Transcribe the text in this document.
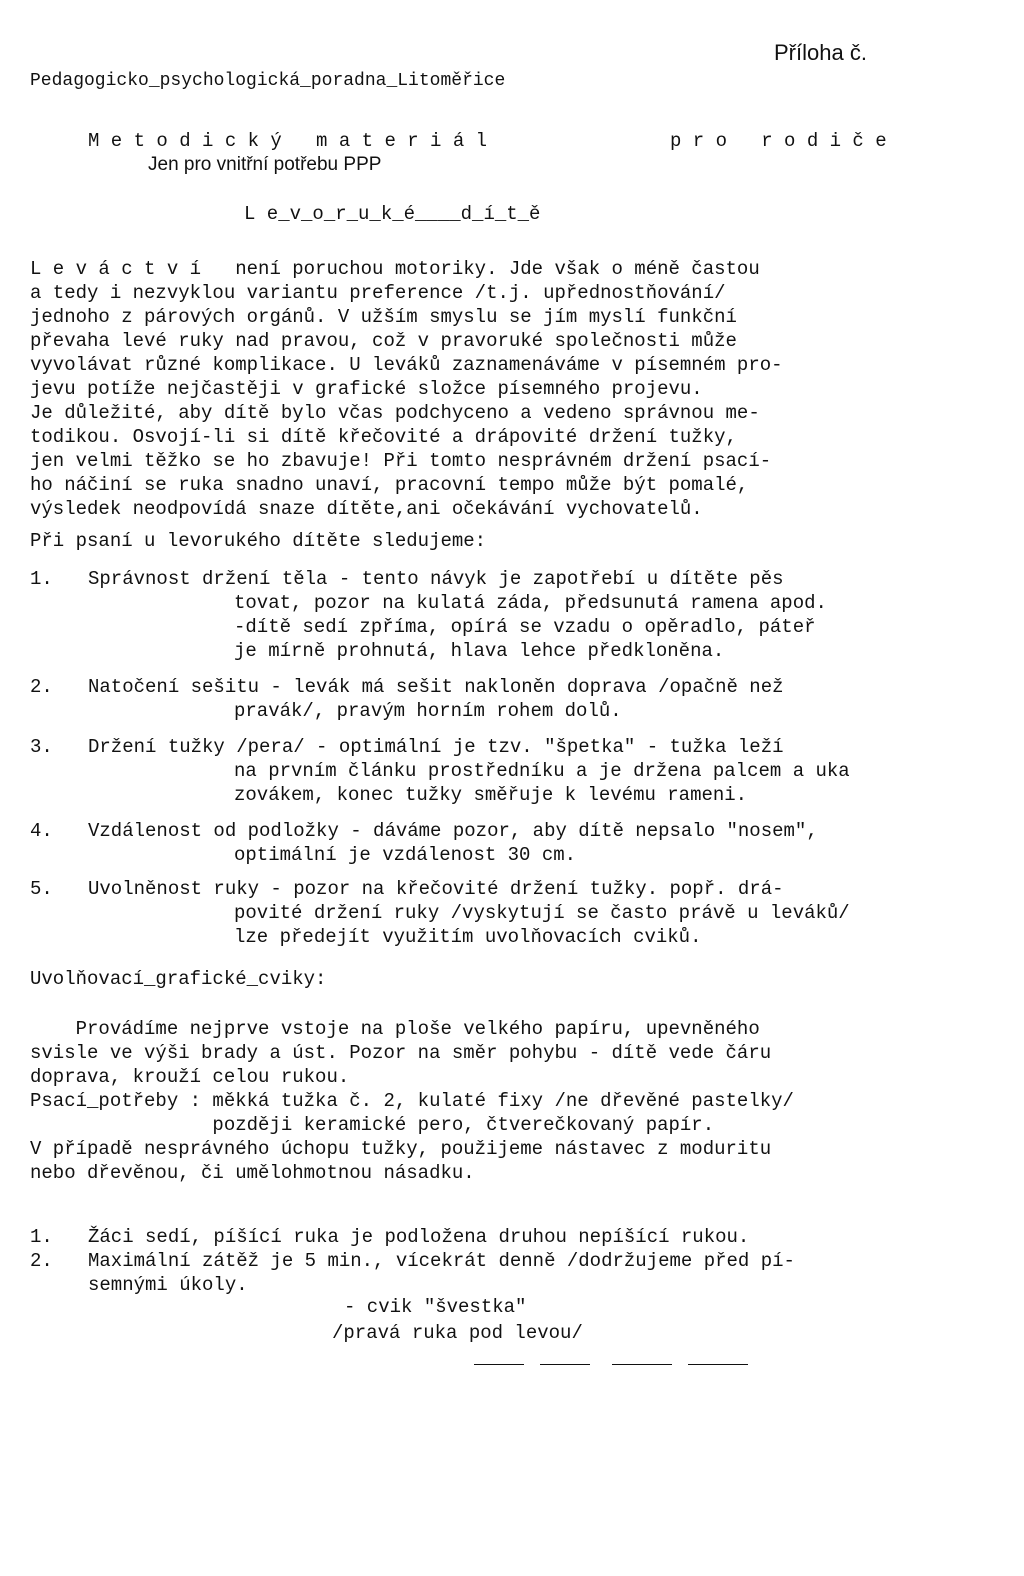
Příloha č.
Pedagogicko_psychologická_poradna_Litoměřice
M e t o d i c k ý   m a t e r i á l	p r o   r o d i č e
Jen pro vnitřní potřebu PPP
L e_v_o_r_u_k_é____d_í_t_ě
L e v á c t v í   není poruchou motoriky. Jde však o méně častou
a tedy i nezvyklou variantu preference /t.j. upřednostňování/
jednoho z párových orgánů. V užším smyslu se jím myslí funkční
převaha levé ruky nad pravou, což v pravoruké společnosti může
vyvolávat různé komplikace. U leváků zaznamenáváme v písemném pro-
jevu potíže nejčastěji v grafické složce písemného projevu.
Je důležité, aby dítě bylo včas podchyceno a vedeno správnou me-
todikou. Osvojí-li si dítě křečovité a drápovité držení tužky,
jen velmi těžko se ho zbavuje! Při tomto nesprávném držení psací-
ho náčiní se ruka snadno unaví, pracovní tempo může být pomalé,
výsledek neodpovídá snaze dítěte,ani očekávání vychovatelů.
Při psaní u levorukého dítěte sledujeme:
1. Správnost držení těla - tento návyk je zapotřebí u dítěte pěs
tovat, pozor na kulatá záda, předsunutá ramena apod.
-dítě sedí zpříma, opírá se vzadu o opěradlo, páteř
je mírně prohnutá, hlava lehce předkloněna.
2. Natočení sešitu - levák má sešit nakloněn doprava /opačně než
pravák/, pravým horním rohem dolů.
3. Držení tužky /pera/ - optimální je tzv. "špetka" - tužka leží
na prvním článku prostředníku a je držena palcem a uka
zovákem, konec tužky směřuje k levému rameni.
4. Vzdálenost od podložky - dáváme pozor, aby dítě nepsalo "nosem",
optimální je vzdálenost 30 cm.
5. Uvolněnost ruky - pozor na křečovité držení tužky. popř. drá-
povité držení ruky /vyskytují se často právě u leváků/
lze předejít využitím uvolňovacích cviků.
Uvolňovací_grafické_cviky:
Provádíme nejprve vstoje na ploše velkého papíru, upevněného
svisle ve výši brady a úst. Pozor na směr pohybu - dítě vede čáru
doprava, krouží celou rukou.
Psací_potřeby : měkká tužka č. 2, kulaté fixy /ne dřevěné pastelky/
později keramické pero, čtverečkovaný papír.
V případě nesprávného úchopu tužky, použijeme nástavec z moduritu
nebo dřevěnou, či umělohmotnou násadku.
1. Žáci sedí, píšící ruka je podložena druhou nepíšící rukou.
2. Maximální zátěž je 5 min., vícekrát denně /dodržujeme před pí-
semnými úkoly.
- cvik "švestka"
/pravá ruka pod levou/
